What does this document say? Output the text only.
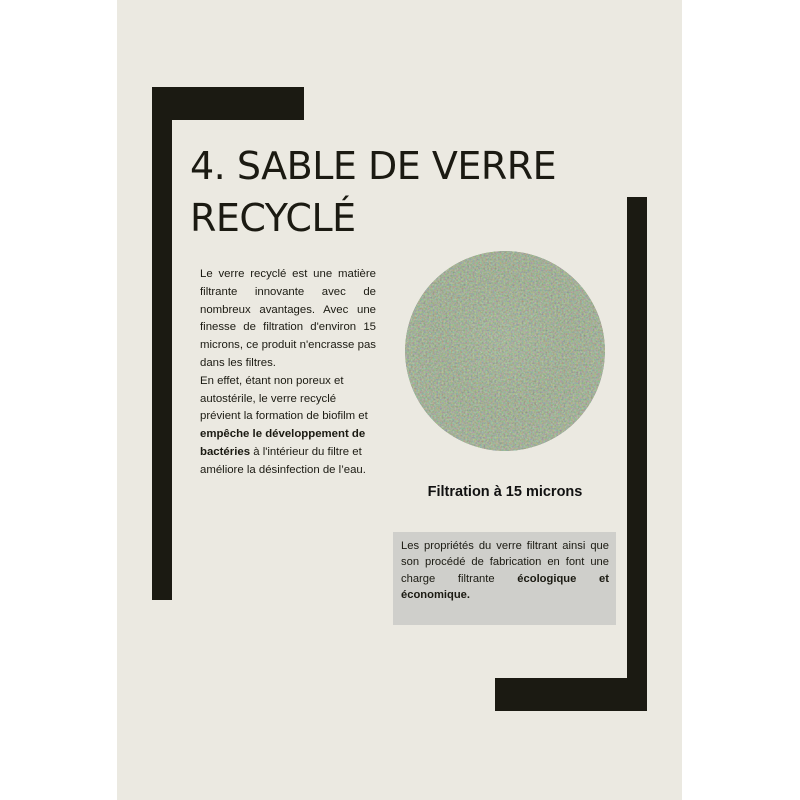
4. SABLE DE VERRE
RECYCLÉ

Le verre recyclé est une matière filtrante innovante avec de nombreux avantages. Avec une finesse de filtration d'environ 15 microns, ce produit n'encrasse pas dans les filtres.

En effet, étant non poreux et autostérile, le verre recyclé prévient la formation de biofilm et empêche le développement de bactéries à l'intérieur du filtre et améliore la désinfection de l’eau.

Filtration à 15 microns
Les propriétés du verre filtrant ainsi que son procédé de fabrication en font une charge filtrante écologique et économique.
